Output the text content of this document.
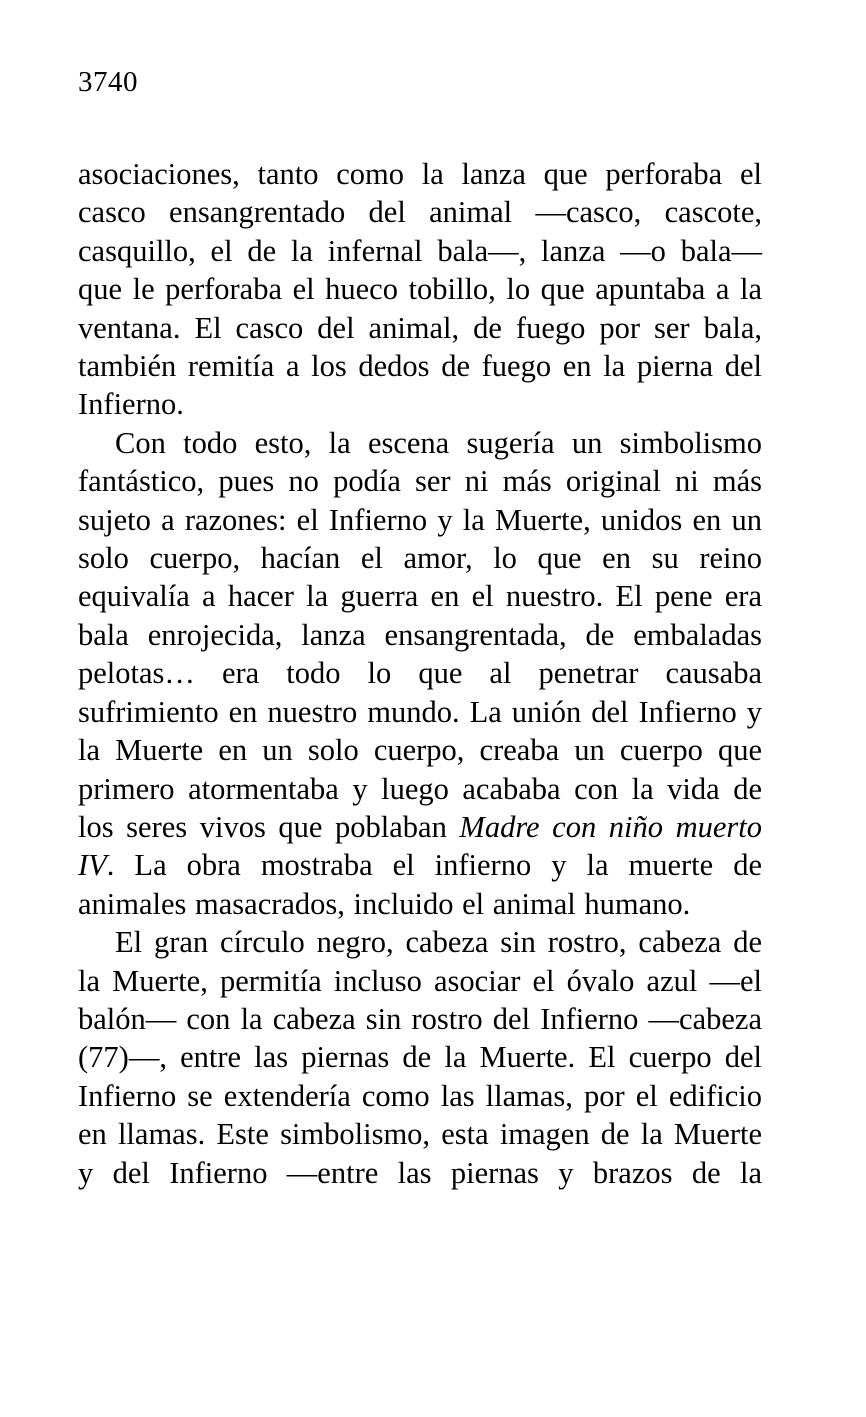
3740

asociaciones, tanto como la lanza que perforaba el casco ensangrentado del animal —casco, cascote, casquillo, el de la infernal bala—, lanza —o bala— que le perforaba el hueco tobillo, lo que apuntaba a la ventana. El casco del animal, de fuego por ser bala, también remitía a los dedos de fuego en la pierna del Infierno.

Con todo esto, la escena sugería un simbolismo fantástico, pues no podía ser ni más original ni más sujeto a razones: el Infierno y la Muerte, unidos en un solo cuerpo, hacían el amor, lo que en su reino equivalía a hacer la guerra en el nuestro. El pene era bala enrojecida, lanza ensangrentada, de embaladas pelotas… era todo lo que al penetrar causaba sufrimiento en nuestro mundo. La unión del Infierno y la Muerte en un solo cuerpo, creaba un cuerpo que primero atormentaba y luego acababa con la vida de los seres vivos que poblaban Madre con niño muerto IV. La obra mostraba el infierno y la muerte de animales masacrados, incluido el animal humano.

El gran círculo negro, cabeza sin rostro, cabeza de la Muerte, permitía incluso asociar el óvalo azul —el balón— con la cabeza sin rostro del Infierno —cabeza (77)—, entre las piernas de la Muerte. El cuerpo del Infierno se extendería como las llamas, por el edificio en llamas. Este simbolismo, esta imagen de la Muerte y del Infierno —entre las piernas y brazos de la
